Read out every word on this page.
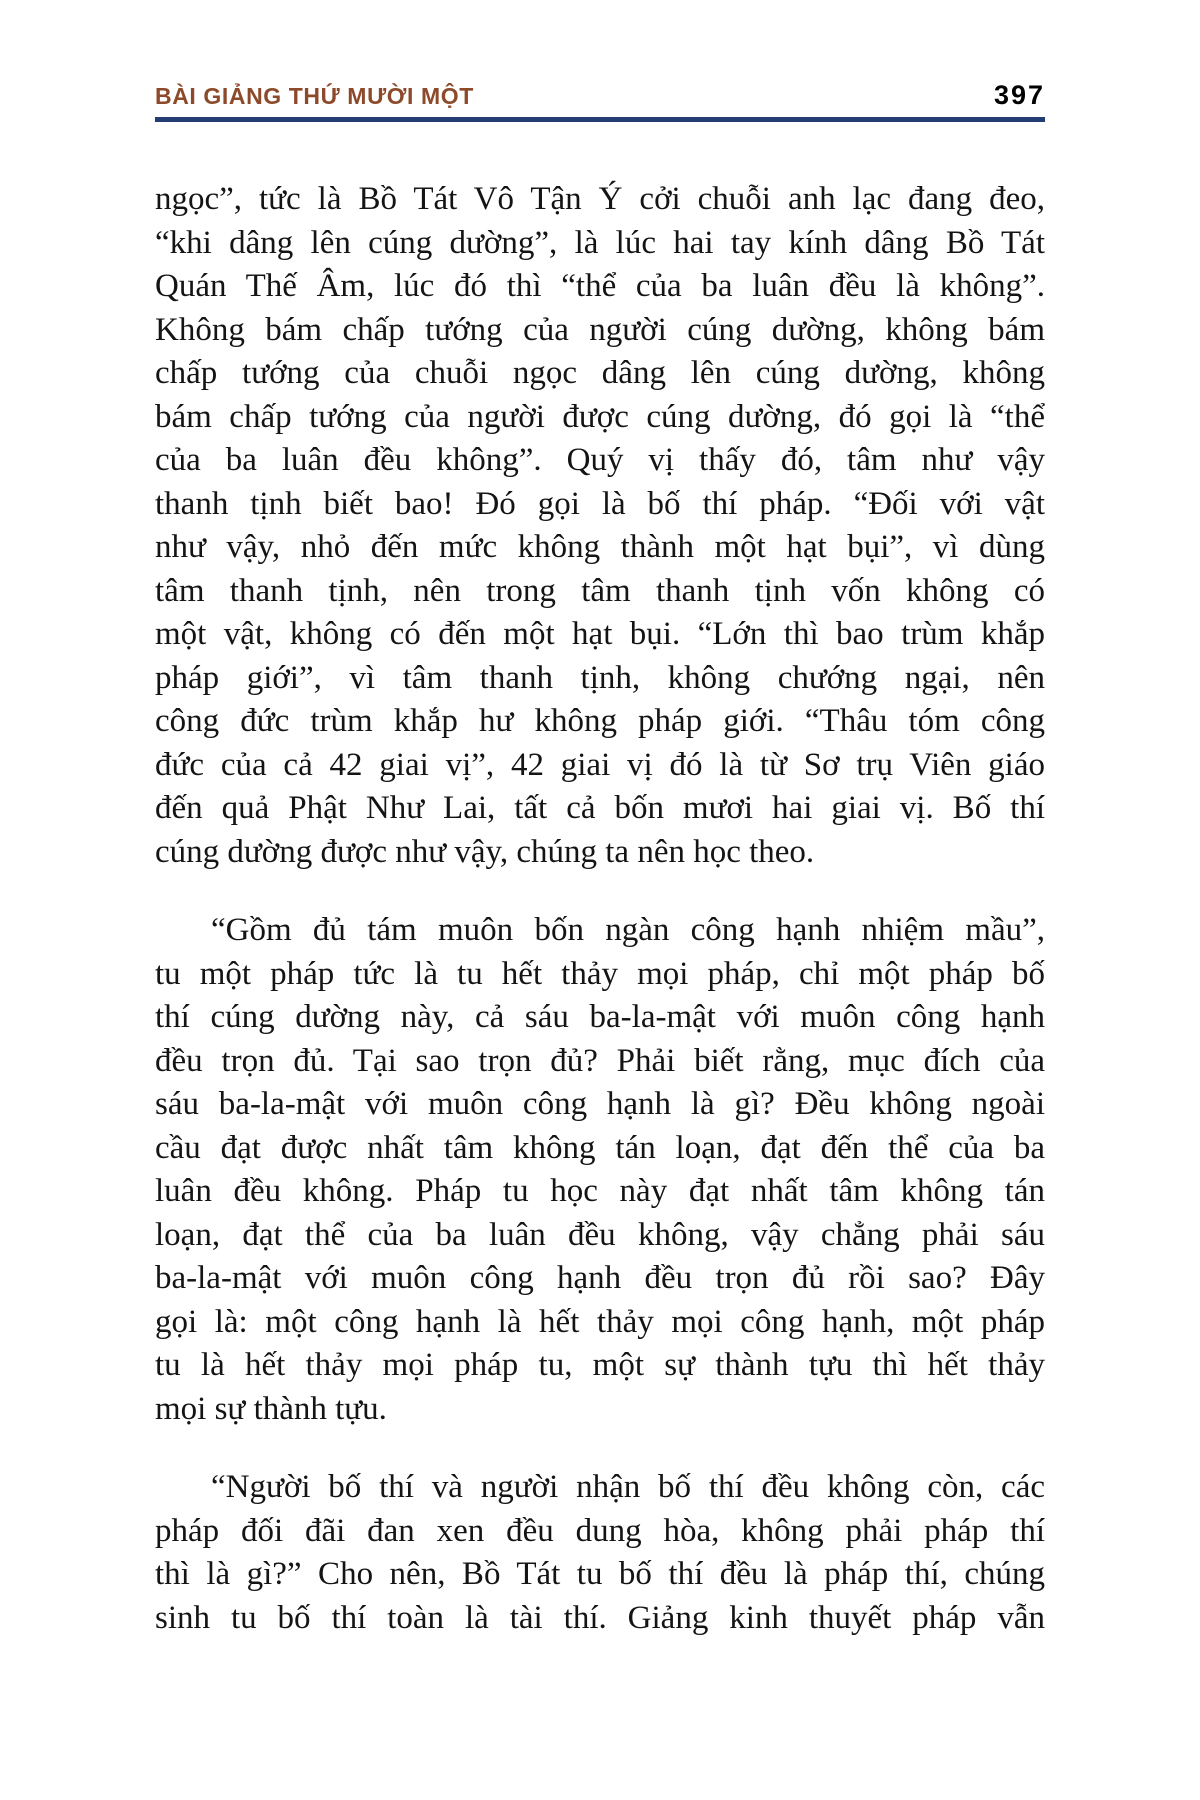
BÀI GIẢNG THỨ MƯỜI MỘT	397
ngọc”, tức là Bồ Tát Vô Tận Ý cởi chuỗi anh lạc đang đeo,
“khi dâng lên cúng dường”, là lúc hai tay kính dâng Bồ Tát
Quán Thế Âm, lúc đó thì “thể của ba luân đều là không”.
Không bám chấp tướng của người cúng dường, không bám
chấp tướng của chuỗi ngọc dâng lên cúng dường, không
bám chấp tướng của người được cúng dường, đó gọi là “thể
của ba luân đều không”. Quý vị thấy đó, tâm như vậy
thanh tịnh biết bao! Đó gọi là bố thí pháp. “Đối với vật
như vậy, nhỏ đến mức không thành một hạt bụi”, vì dùng
tâm thanh tịnh, nên trong tâm thanh tịnh vốn không có
một vật, không có đến một hạt bụi. “Lớn thì bao trùm khắp
pháp giới”, vì tâm thanh tịnh, không chướng ngại, nên
công đức trùm khắp hư không pháp giới. “Thâu tóm công
đức của cả 42 giai vị”, 42 giai vị đó là từ Sơ trụ Viên giáo
đến quả Phật Như Lai, tất cả bốn mươi hai giai vị. Bố thí
cúng dường được như vậy, chúng ta nên học theo.
“Gồm đủ tám muôn bốn ngàn công hạnh nhiệm mầu”,
tu một pháp tức là tu hết thảy mọi pháp, chỉ một pháp bố
thí cúng dường này, cả sáu ba-la-mật với muôn công hạnh
đều trọn đủ. Tại sao trọn đủ? Phải biết rằng, mục đích của
sáu ba-la-mật với muôn công hạnh là gì? Đều không ngoài
cầu đạt được nhất tâm không tán loạn, đạt đến thể của ba
luân đều không. Pháp tu học này đạt nhất tâm không tán
loạn, đạt thể của ba luân đều không, vậy chẳng phải sáu
ba-la-mật với muôn công hạnh đều trọn đủ rồi sao? Đây
gọi là: một công hạnh là hết thảy mọi công hạnh, một pháp
tu là hết thảy mọi pháp tu, một sự thành tựu thì hết thảy
mọi sự thành tựu.
“Người bố thí và người nhận bố thí đều không còn, các
pháp đối đãi đan xen đều dung hòa, không phải pháp thí
thì là gì?” Cho nên, Bồ Tát tu bố thí đều là pháp thí, chúng
sinh tu bố thí toàn là tài thí. Giảng kinh thuyết pháp vẫn
